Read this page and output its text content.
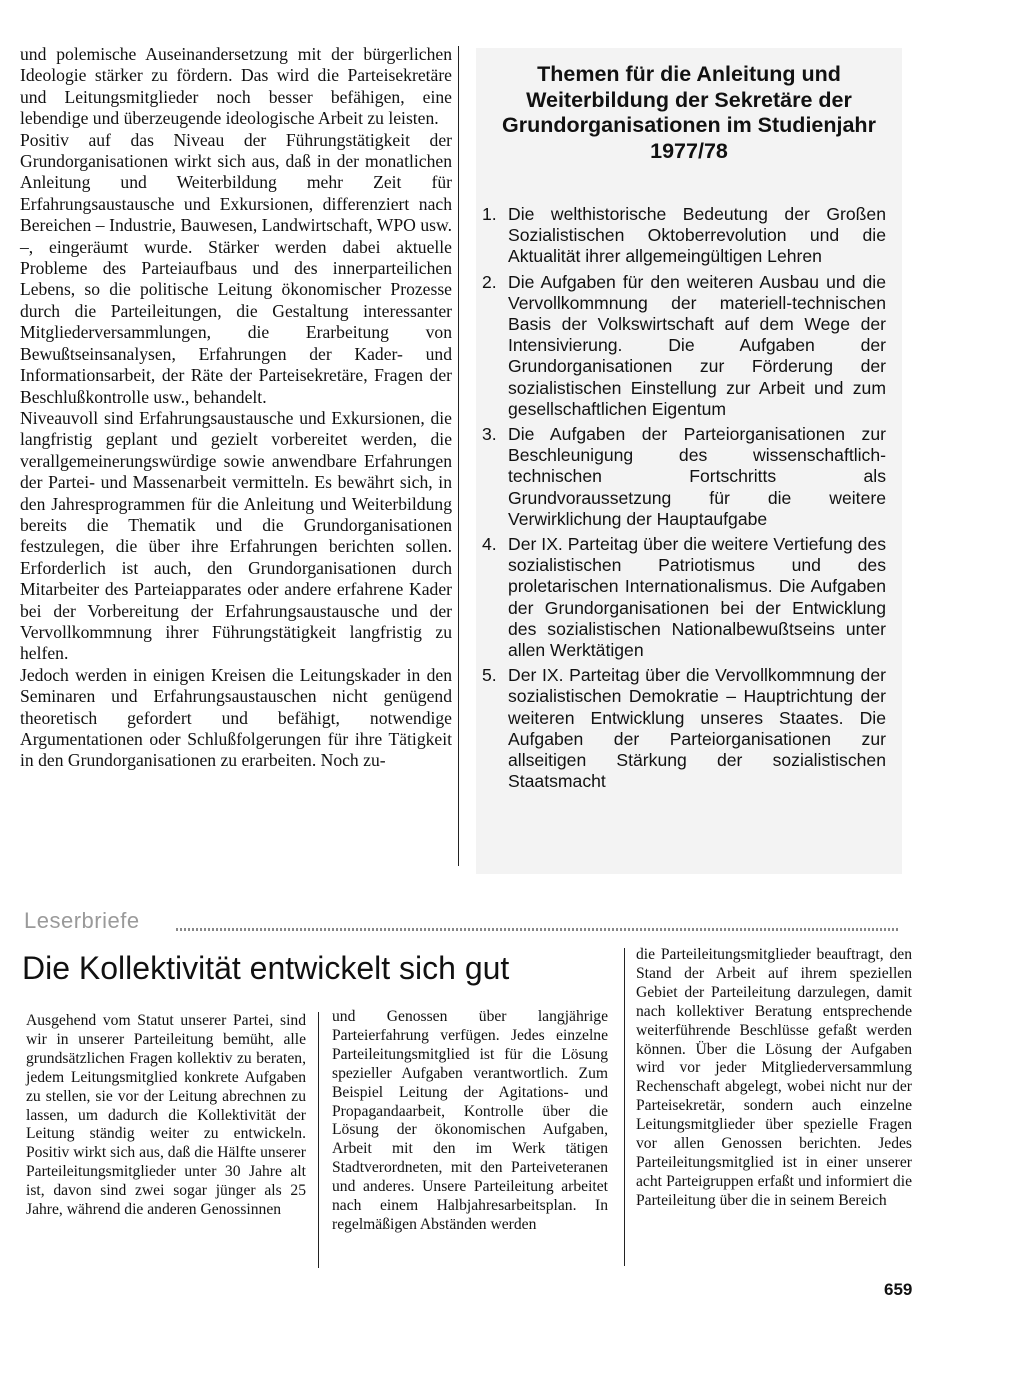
und polemische Auseinandersetzung mit der bürgerlichen Ideologie stärker zu fördern. Das wird die Parteisekretäre und Leitungsmitglieder noch besser befähigen, eine lebendige und überzeugende ideologische Arbeit zu leisten.

Positiv auf das Niveau der Führungstätigkeit der Grundorganisationen wirkt sich aus, daß in der monatlichen Anleitung und Weiterbildung mehr Zeit für Erfahrungsaustausche und Exkursionen, differenziert nach Bereichen – Industrie, Bauwesen, Landwirtschaft, WPO usw. –, eingeräumt wurde. Stärker werden dabei aktuelle Probleme des Parteiaufbaus und des innerparteilichen Lebens, so die politische Leitung ökonomischer Prozesse durch die Parteileitungen, die Gestaltung interessanter Mitgliederversammlungen, die Erarbeitung von Bewußtseinsanalysen, Erfahrungen der Kader- und Informationsarbeit, der Räte der Parteisekretäre, Fragen der Beschlußkontrolle usw., behandelt.

Niveauvoll sind Erfahrungsaustausche und Exkursionen, die langfristig geplant und gezielt vorbereitet werden, die verallgemeinerungswürdige sowie anwendbare Erfahrungen der Partei- und Massenarbeit vermitteln. Es bewährt sich, in den Jahresprogrammen für die Anleitung und Weiterbildung bereits die Thematik und die Grundorganisationen festzulegen, die über ihre Erfahrungen berichten sollen. Erforderlich ist auch, den Grundorganisationen durch Mitarbeiter des Parteiapparates oder andere erfahrene Kader bei der Vorbereitung der Erfahrungsaustausche und der Vervollkommnung ihrer Führungstätigkeit langfristig zu helfen.

Jedoch werden in einigen Kreisen die Leitungskader in den Seminaren und Erfahrungsaustauschen nicht genügend theoretisch gefordert und befähigt, notwendige Argumentationen oder Schlußfolgerungen für ihre Tätigkeit in den Grundorganisationen zu erarbeiten. Noch zu-

Themen für die Anleitung und Weiterbildung der Sekretäre der Grundorganisationen im Studienjahr 1977/78
1. Die welthistorische Bedeutung der Großen Sozialistischen Oktoberrevolution und die Aktualität ihrer allgemeingültigen Lehren
2. Die Aufgaben für den weiteren Ausbau und die Vervollkommnung der materiell-technischen Basis der Volkswirtschaft auf dem Wege der Intensivierung. Die Aufgaben der Grundorganisationen zur Förderung der sozialistischen Einstellung zur Arbeit und zum gesellschaftlichen Eigentum
3. Die Aufgaben der Parteiorganisationen zur Beschleunigung des wissenschaftlich-technischen Fortschritts als Grundvoraussetzung für die weitere Verwirklichung der Hauptaufgabe
4. Der IX. Parteitag über die weitere Vertiefung des sozialistischen Patriotismus und des proletarischen Internationalismus. Die Aufgaben der Grundorganisationen bei der Entwicklung des sozialistischen Nationalbewußtseins unter allen Werktätigen
5. Der IX. Parteitag über die Vervollkommnung der sozialistischen Demokratie – Hauptrichtung der weiteren Entwicklung unseres Staates. Die Aufgaben der Parteiorganisationen zur allseitigen Stärkung der sozialistischen Staatsmacht
Leserbriefe
Die Kollektivität entwickelt sich gut

Ausgehend vom Statut unserer Partei, sind wir in unserer Parteileitung bemüht, alle grundsätzlichen Fragen kollektiv zu beraten, jedem Leitungsmitglied konkrete Aufgaben zu stellen, sie vor der Leitung abrechnen zu lassen, um dadurch die Kollektivität der Leitung ständig weiter zu entwickeln. Positiv wirkt sich aus, daß die Hälfte unserer Parteileitungsmitglieder unter 30 Jahre alt ist, davon sind zwei sogar jünger als 25 Jahre, während die anderen Genossinnen

und Genossen über langjährige Parteierfahrung verfügen. Jedes einzelne Parteileitungsmitglied ist für die Lösung spezieller Aufgaben verantwortlich. Zum Beispiel Leitung der Agitations- und Propagandaarbeit, Kontrolle über die Lösung der ökonomischen Aufgaben, Arbeit mit den im Werk tätigen Stadtverordneten, mit den Parteiveteranen und anderes. Unsere Parteileitung arbeitet nach einem Halbjahresarbeitsplan. In regelmäßigen Abständen werden

die Parteileitungsmitglieder beauftragt, den Stand der Arbeit auf ihrem speziellen Gebiet der Parteileitung darzulegen, damit nach kollektiver Beratung entsprechende weiterführende Beschlüsse gefaßt werden können. Über die Lösung der Aufgaben wird vor jeder Mitgliederversammlung Rechenschaft abgelegt, wobei nicht nur der Parteisekretär, sondern auch einzelne Leitungsmitglieder über spezielle Fragen vor allen Genossen berichten. Jedes Parteileitungsmitglied ist in einer unserer acht Parteigruppen erfaßt und informiert die Parteileitung über die in seinem Bereich

659
